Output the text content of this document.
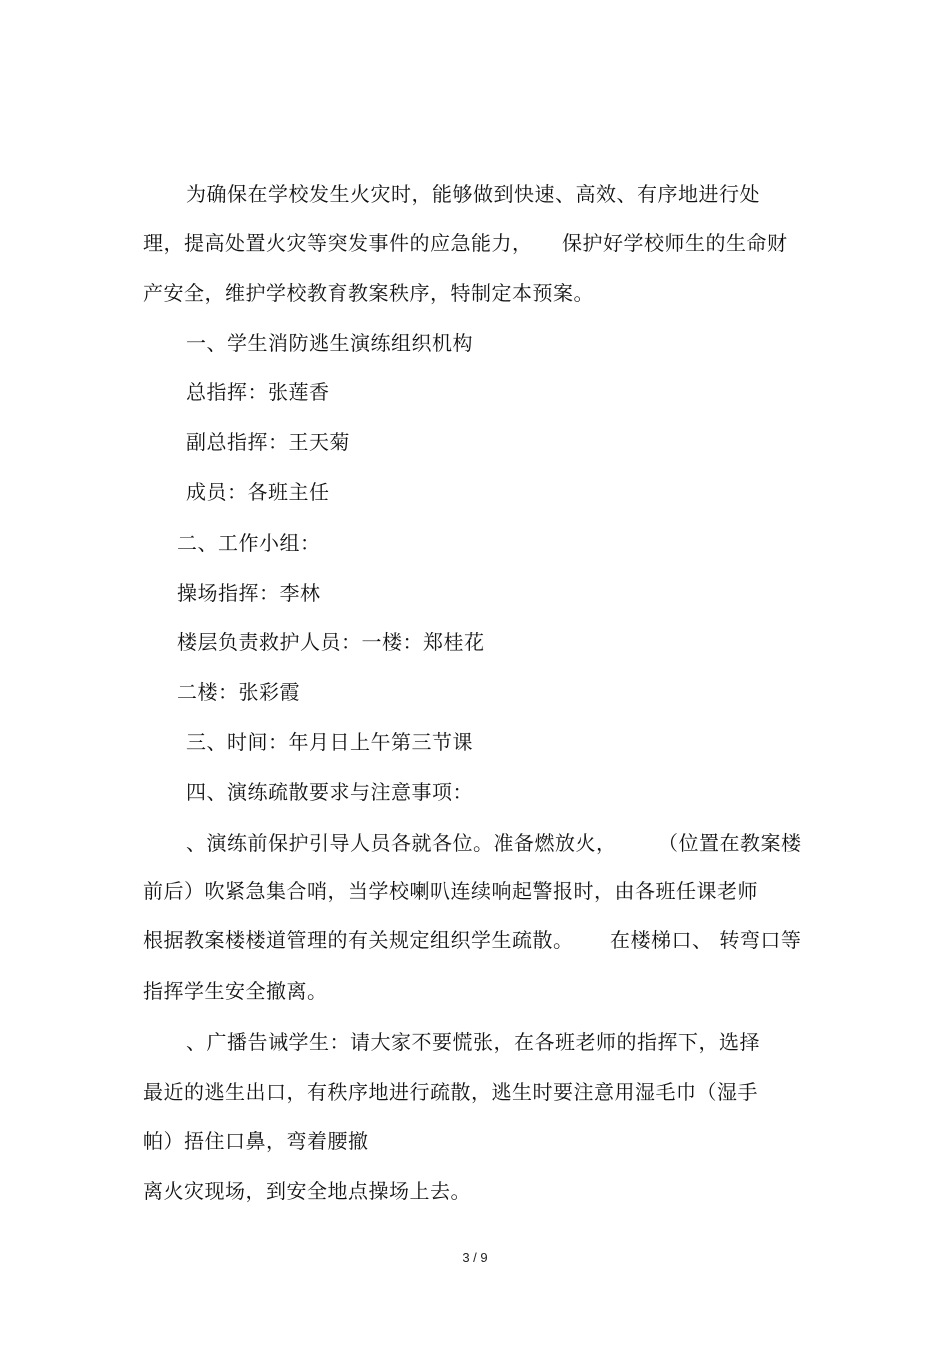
为确保在学校发生火灾时，能够做到快速、高效、有序地进行处
理，提高处置火灾等突发事件的应急能力， 保护好学校师生的生命财
产安全，维护学校教育教案秩序，特制定本预案。
一、学生消防逃生演练组织机构
总指挥：张莲香
副总指挥：王天菊
成员：各班主任
二、工作小组：
操场指挥：李林
楼层负责救护人员：一楼：郑桂花
二楼：张彩霞
三、时间：年月日上午第三节课
四、演练疏散要求与注意事项：
、演练前保护引导人员各就各位。准备燃放火， （位置在教案楼
前后）吹紧急集合哨，当学校喇叭连续响起警报时，由各班任课老师
根据教案楼楼道管理的有关规定组织学生疏散。 在楼梯口、 转弯口等
指挥学生安全撤离。
、广播告诫学生：请大家不要慌张，在各班老师的指挥下，选择
最近的逃生出口，有秩序地进行疏散，逃生时要注意用湿毛巾（湿手
帕）捂住口鼻，弯着腰撤
离火灾现场，到安全地点操场上去。
3 / 9
